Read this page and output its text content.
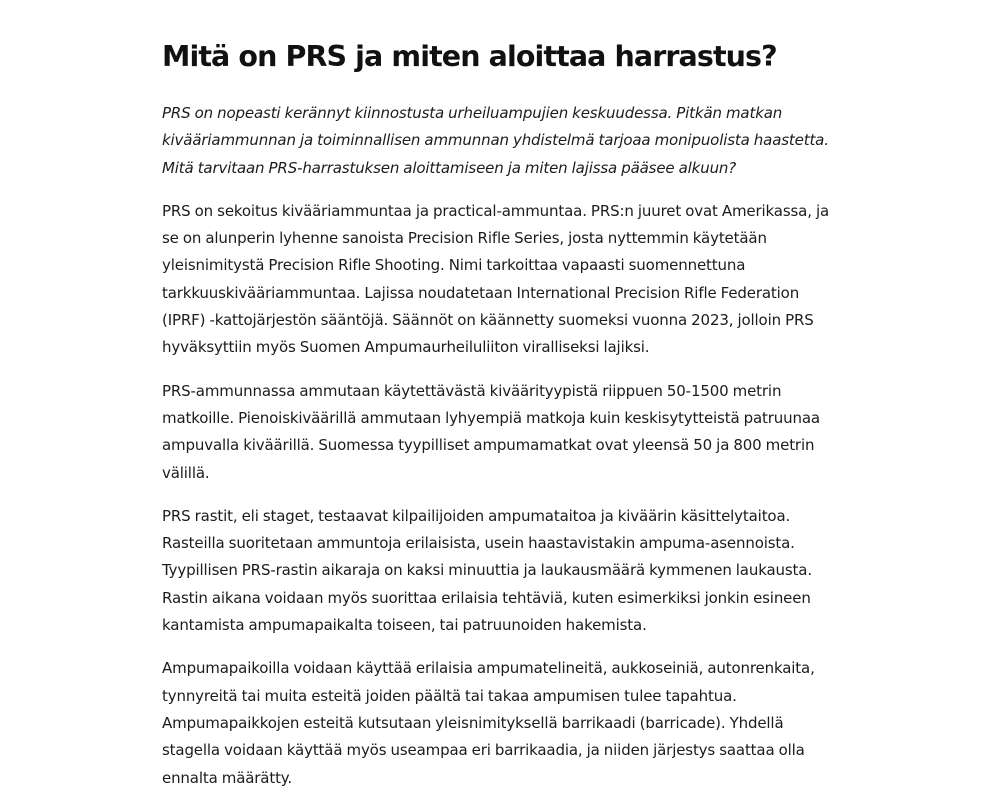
Mitä on PRS ja miten aloittaa harrastus?

PRS on nopeasti kerännyt kiinnostusta urheiluampujien keskuudessa. Pitkän matkan
kivääriammunnan ja toiminnallisen ammunnan yhdistelmä tarjoaa monipuolista haastetta.
Mitä tarvitaan PRS-harrastuksen aloittamiseen ja miten lajissa pääsee alkuun?

PRS on sekoitus kivääriammuntaa ja practical-ammuntaa. PRS:n juuret ovat Amerikassa, ja
se on alunperin lyhenne sanoista Precision Rifle Series, josta nyttemmin käytetään
yleisnimitystä Precision Rifle Shooting. Nimi tarkoittaa vapaasti suomennettuna
tarkkuuskivääriammuntaa. Lajissa noudatetaan International Precision Rifle Federation
(IPRF) -kattojärjestön sääntöjä. Säännöt on käännetty suomeksi vuonna 2023, jolloin PRS
hyväksyttiin myös Suomen Ampumaurheiluliiton viralliseksi lajiksi.

PRS-ammunnassa ammutaan käytettävästä kiväärityypistä riippuen 50-1500 metrin
matkoille. Pienoiskiväärillä ammutaan lyhyempiä matkoja kuin keskisytytteistä patruunaa
ampuvalla kiväärillä. Suomessa tyypilliset ampumamatkat ovat yleensä 50 ja 800 metrin
välillä.

PRS rastit, eli staget, testaavat kilpailijoiden ampumataitoa ja kiväärin käsittelytaitoa.
Rasteilla suoritetaan ammuntoja erilaisista, usein haastavistakin ampuma-asennoista.
Tyypillisen PRS-rastin aikaraja on kaksi minuuttia ja laukausmäärä kymmenen laukausta.
Rastin aikana voidaan myös suorittaa erilaisia tehtäviä, kuten esimerkiksi jonkin esineen
kantamista ampumapaikalta toiseen, tai patruunoiden hakemista.

Ampumapaikoilla voidaan käyttää erilaisia ampumatelineitä, aukkoseiniä, autonrenkaita,
tynnyreitä tai muita esteitä joiden päältä tai takaa ampumisen tulee tapahtua.
Ampumapaikkojen esteitä kutsutaan yleisnimityksellä barrikaadi (barricade). Yhdellä
stagella voidaan käyttää myös useampaa eri barrikaadia, ja niiden järjestys saattaa olla
ennalta määrätty.
